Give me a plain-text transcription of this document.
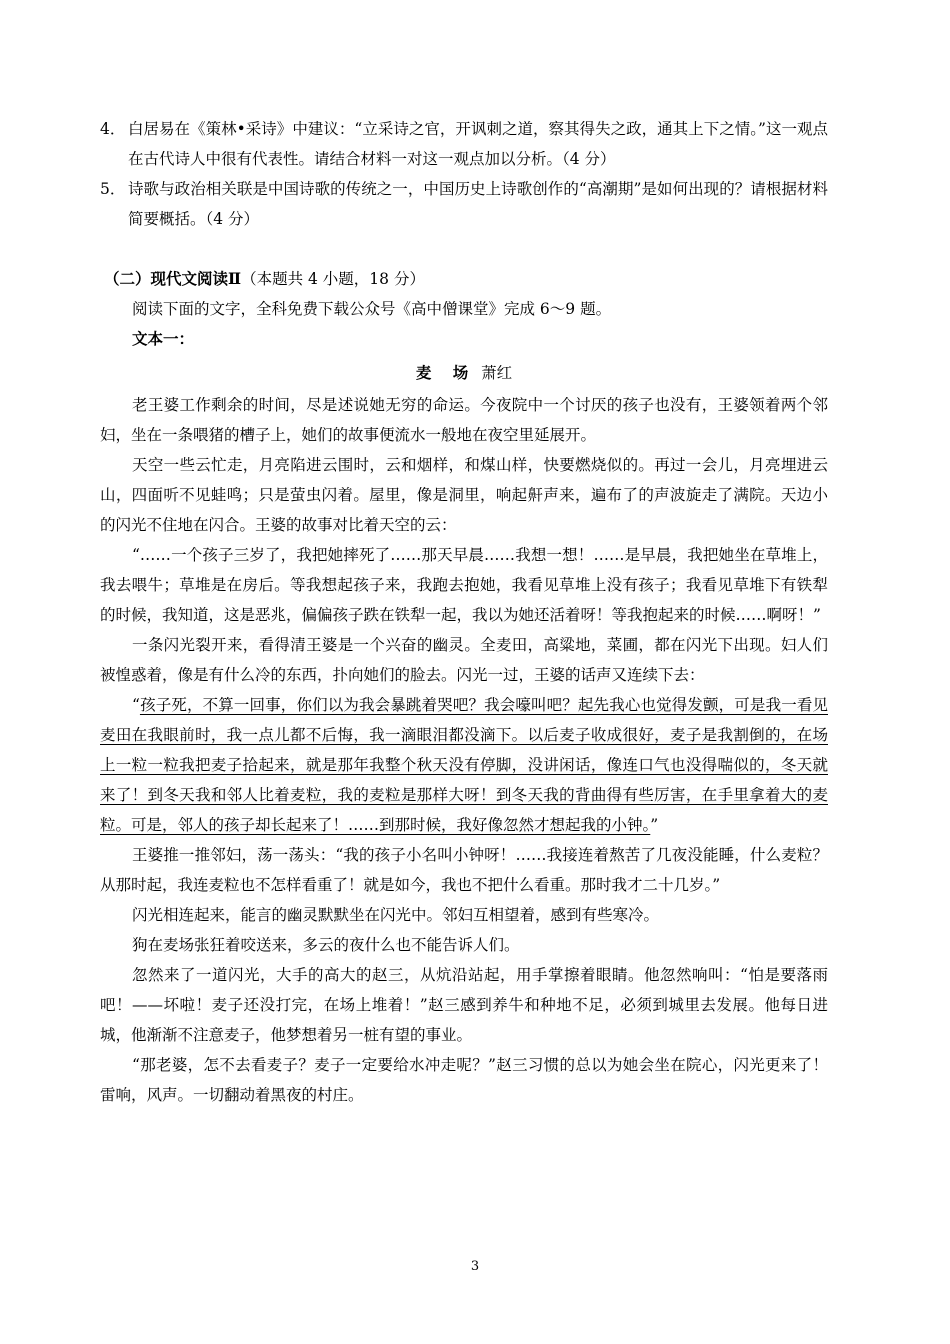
4． 白居易在《策林•采诗》中建议：“立采诗之官，开讽刺之道，察其得失之政，通其上下之情。”这一观点在古代诗人中很有代表性。请结合材料一对这一观点加以分析。（4 分）
5． 诗歌与政治相关联是中国诗歌的传统之一，中国历史上诗歌创作的“高潮期”是如何出现的？请根据材料简要概括。（4 分）
（二）现代文阅读Ⅱ（本题共 4 小题，18 分）

阅读下面的文字，全科免费下载公众号《高中僧课堂》完成 6～9 题。

文本一：
麦 场 萧红

老王婆工作剩余的时间，尽是述说她无穷的命运。今夜院中一个讨厌的孩子也没有，王婆领着两个邻妇，坐在一条喂猪的槽子上，她们的故事便流水一般地在夜空里延展开。

天空一些云忙走，月亮陷进云围时，云和烟样，和煤山样，快要燃烧似的。再过一会儿，月亮埋进云山，四面听不见蛙鸣；只是萤虫闪着。屋里，像是洞里，响起鼾声来，遍布了的声波旋走了满院。天边小的闪光不住地在闪合。王婆的故事对比着天空的云：

“……一个孩子三岁了，我把她摔死了……那天早晨……我想一想！……是早晨，我把她坐在草堆上，我去喂牛；草堆是在房后。等我想起孩子来，我跑去抱她，我看见草堆上没有孩子；我看见草堆下有铁犁的时候，我知道，这是恶兆，偏偏孩子跌在铁犁一起，我以为她还活着呀！等我抱起来的时候……啊呀！”

一条闪光裂开来，看得清王婆是一个兴奋的幽灵。全麦田，高粱地，菜圃，都在闪光下出现。妇人们被惶惑着，像是有什么冷的东西，扑向她们的脸去。闪光一过，王婆的话声又连续下去：

“孩子死，不算一回事，你们以为我会暴跳着哭吧？我会嚎叫吧？起先我心也觉得发颤，可是我一看见麦田在我眼前时，我一点儿都不后悔，我一滴眼泪都没滴下。以后麦子收成很好，麦子是我割倒的，在场上一粒一粒我把麦子拾起来，就是那年我整个秋天没有停脚，没讲闲话，像连口气也没得喘似的，冬天就来了！到冬天我和邻人比着麦粒，我的麦粒是那样大呀！到冬天我的背曲得有些厉害，在手里拿着大的麦粒。可是，邻人的孩子却长起来了！……到那时候，我好像忽然才想起我的小钟。”

王婆推一推邻妇，荡一荡头：“我的孩子小名叫小钟呀！……我接连着熬苦了几夜没能睡，什么麦粒？从那时起，我连麦粒也不怎样看重了！就是如今，我也不把什么看重。那时我才二十几岁。”

闪光相连起来，能言的幽灵默默坐在闪光中。邻妇互相望着，感到有些寒冷。

狗在麦场张狂着咬送来，多云的夜什么也不能告诉人们。

忽然来了一道闪光，大手的高大的赵三，从炕沿站起，用手掌擦着眼睛。他忽然响叫：“怕是要落雨吧！——坏啦！麦子还没打完，在场上堆着！”赵三感到养牛和种地不足，必须到城里去发展。他每日进城，他渐渐不注意麦子，他梦想着另一桩有望的事业。

“那老婆，怎不去看麦子？麦子一定要给水冲走呢？”赵三习惯的总以为她会坐在院心，闪光更来了！雷响，风声。一切翻动着黑夜的村庄。

3
